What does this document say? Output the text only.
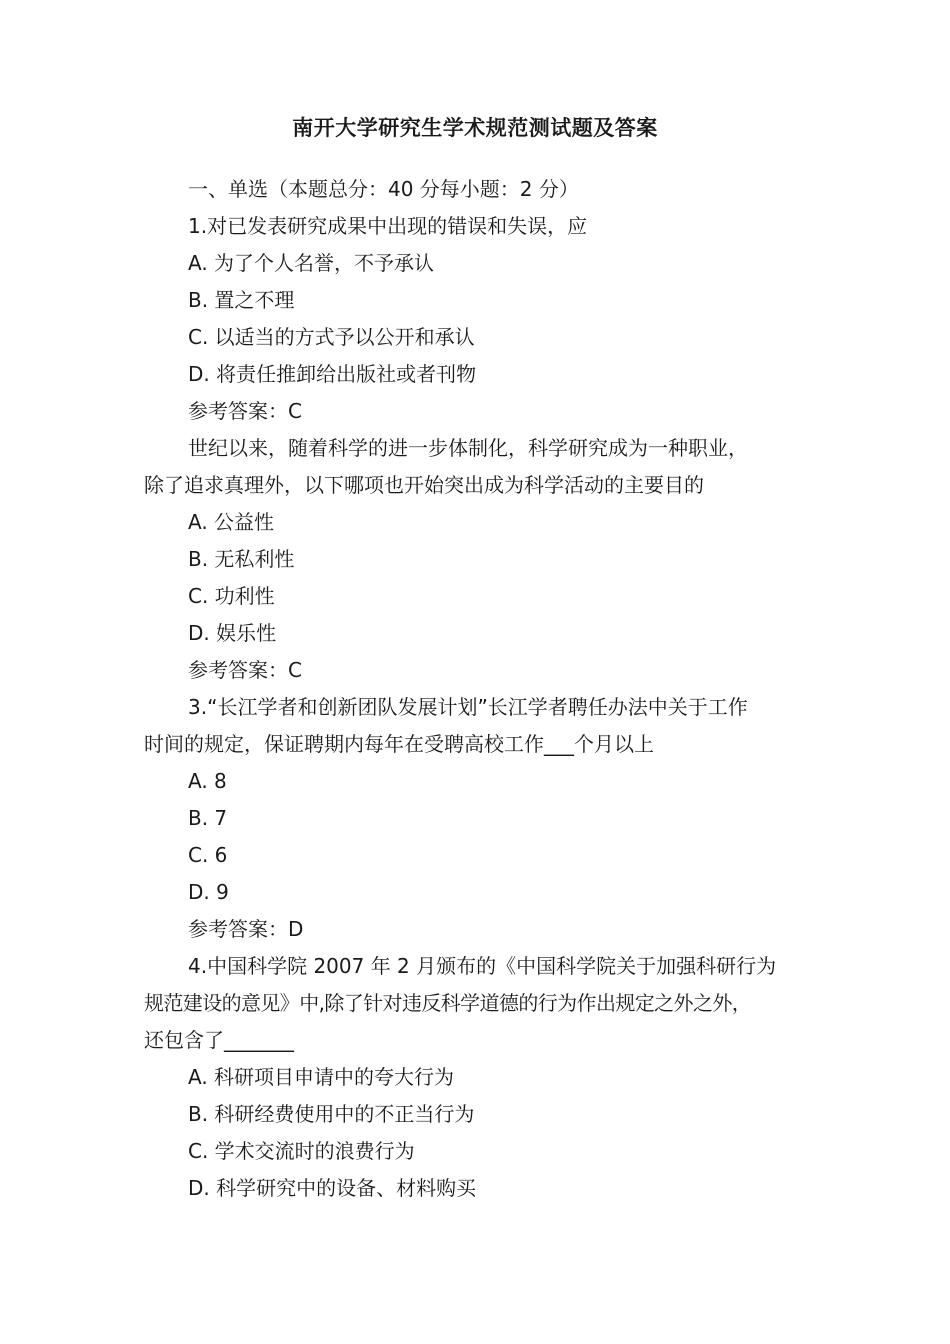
南开大学研究生学术规范测试题及答案

一、单选（本题总分：40 分每小题：2 分）

1.对已发表研究成果中出现的错误和失误，应

A. 为了个人名誉，不予承认

B. 置之不理

C. 以适当的方式予以公开和承认

D. 将责任推卸给出版社或者刊物

参考答案：C

世纪以来，随着科学的进一步体制化，科学研究成为一种职业，

除了追求真理外，以下哪项也开始突出成为科学活动的主要目的

A. 公益性

B. 无私利性

C. 功利性

D. 娱乐性

参考答案：C

3.“长江学者和创新团队发展计划”长江学者聘任办法中关于工作

时间的规定，保证聘期内每年在受聘高校工作___个月以上

A. 8

B. 7

C. 6

D. 9

参考答案：D

4.中国科学院 2007 年 2 月颁布的《中国科学院关于加强科研行为

规范建设的意见》中,除了针对违反科学道德的行为作出规定之外之外，

还包含了_______

A. 科研项目申请中的夸大行为

B. 科研经费使用中的不正当行为

C. 学术交流时的浪费行为

D. 科学研究中的设备、材料购买
